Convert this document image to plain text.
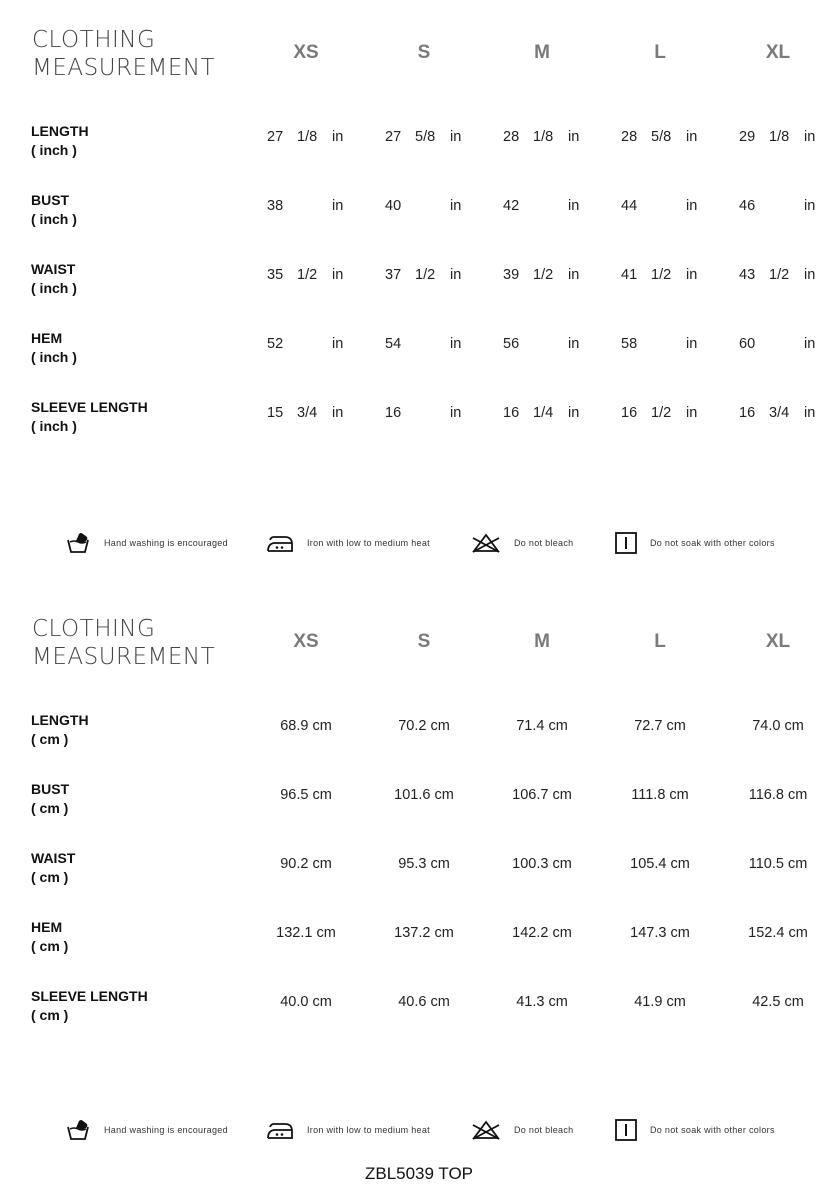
CLOTHING
MEASUREMENT
XS	S	M	L	XL
LENGTH
( inch )
27 1/8 in	27 5/8 in	28 1/8 in	28 5/8 in	29 1/8 in
BUST
( inch )
38	in	40	in	42	in	44	in	46	in
WAIST
( inch )
35 1/2 in	37 1/2 in	39 1/2 in	41 1/2 in	43 1/2 in
HEM
( inch )
52	in	54	in	56	in	58	in	60	in
SLEEVE LENGTH
( inch )
15 3/4 in	16	in	16 1/4 in	16 1/2 in	16 3/4 in
Hand washing is encouraged	Iron with low to medium heat	Do not bleach	Do not soak with other colors
CLOTHING
MEASUREMENT
XS	S	M	L	XL
LENGTH
( cm )
68.9 cm	70.2 cm	71.4 cm	72.7 cm	74.0 cm
BUST
( cm )
96.5 cm	101.6 cm	106.7 cm	111.8 cm	116.8 cm
WAIST
( cm )
90.2 cm	95.3 cm	100.3 cm	105.4 cm	110.5 cm
HEM
( cm )
132.1 cm	137.2 cm	142.2 cm	147.3 cm	152.4 cm
SLEEVE LENGTH
( cm )
40.0 cm	40.6 cm	41.3 cm	41.9 cm	42.5 cm
Hand washing is encouraged	Iron with low to medium heat	Do not bleach	Do not soak with other colors
ZBL5039 TOP
